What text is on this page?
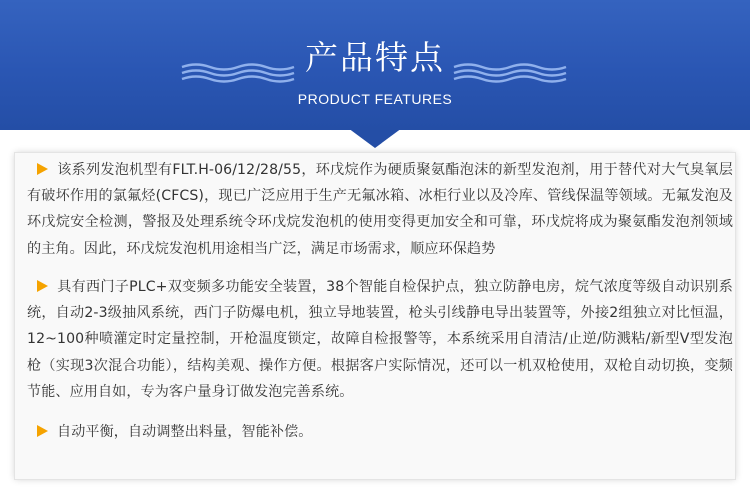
产品特点
PRODUCT FEATURES

该系列发泡机型有FLT.H-06/12/28/55，环戊烷作为硬质聚氨酯泡沫的新型发泡剂，用于替代对大气臭氧层有破坏作用的氯氟烃(CFCS)，现已广泛应用于生产无氟冰箱、冰柜行业以及冷库、管线保温等领域。无氟发泡及环戊烷安全检测，警报及处理系统令环戊烷发泡机的使用变得更加安全和可靠，环戊烷将成为聚氨酯发泡剂领域的主角。因此，环戊烷发泡机用途相当广泛，满足市场需求，顺应环保趋势

具有西门子PLC+双变频多功能安全装置，38个智能自检保护点，独立防静电房，烷气浓度等级自动识别系统，自动2-3级抽风系统，西门子防爆电机，独立导地装置，枪头引线静电导出装置等，外接2组独立对比恒温，12~100种喷灌定时定量控制，开枪温度锁定，故障自检报警等，本系统采用自清洁/止逆/防溅粘/新型V型发泡枪（实现3次混合功能），结构美观、操作方便。根据客户实际情况，还可以一机双枪使用，双枪自动切换，变频节能、应用自如，专为客户量身订做发泡完善系统。

自动平衡，自动调整出料量，智能补偿。
